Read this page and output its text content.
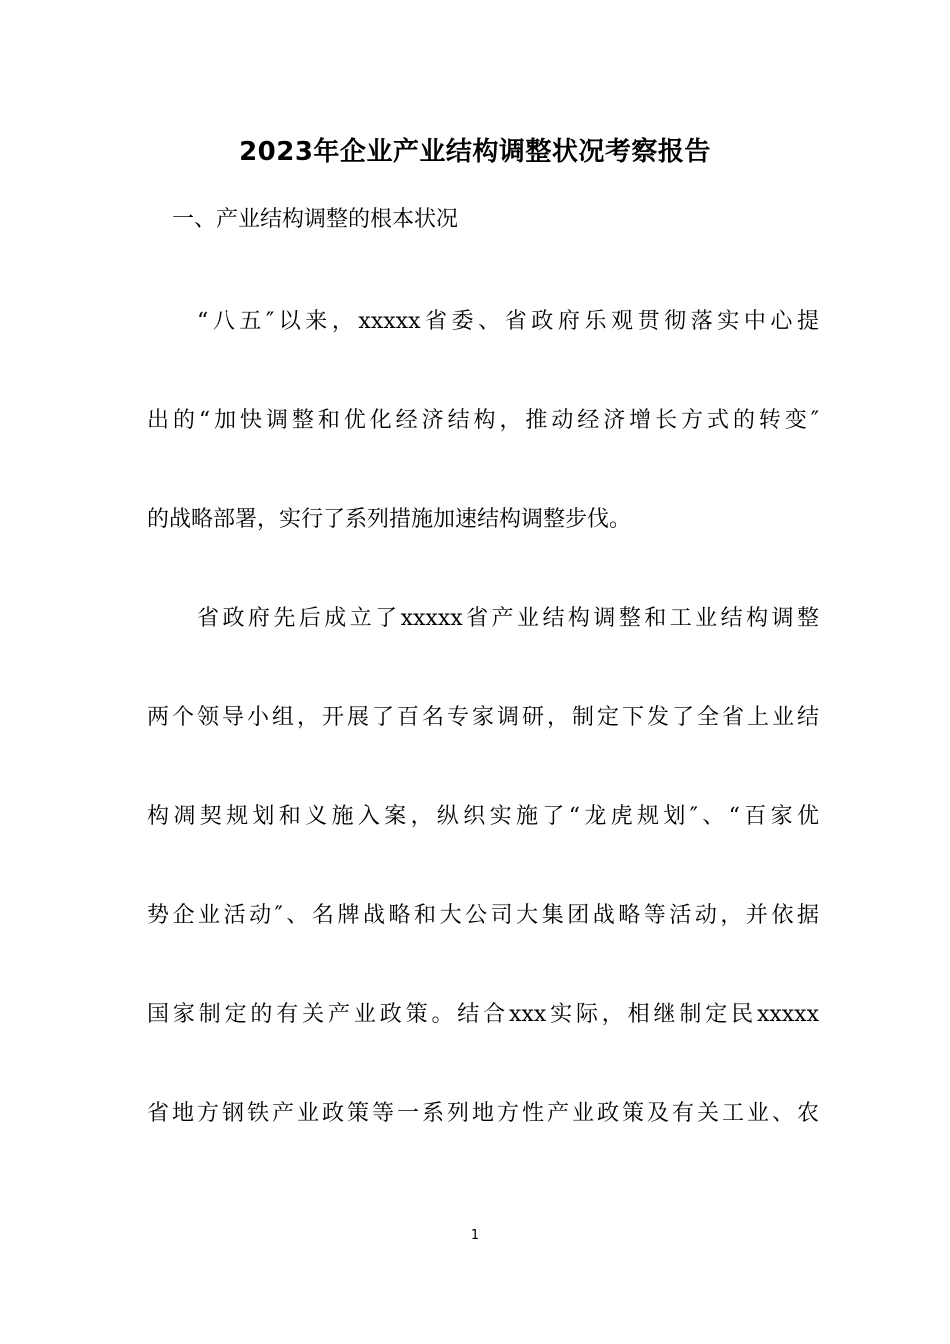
2023年企业产业结构调整状况考察报告
一、产业结构调整的根本状况
“八五″以来，xxxxx省委、省政府乐观贯彻落实中心提
出的“加快调整和优化经济结构，推动经济增长方式的转变″
的战略部署，实行了系列措施加速结构调整步伐。
省政府先后成立了xxxxx省产业结构调整和工业结构调整
两个领导小组，开展了百名专家调研，制定下发了全省上业结
构凋契规划和义施入案，纵织实施了“龙虎规划″、“百家优
势企业活动″、名牌战略和大公司大集团战略等活动，并依据
国家制定的有关产业政策。结合xxx实际，相继制定民xxxxx
省地方钢铁产业政策等一系列地方性产业政策及有关工业、农
1
